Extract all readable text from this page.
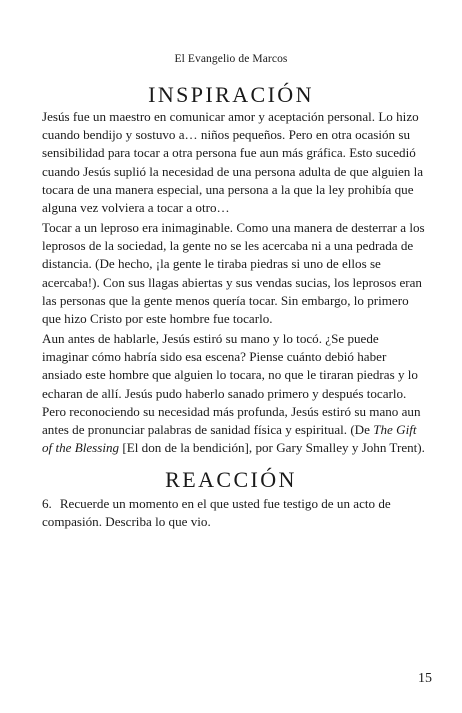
El Evangelio de Marcos
INSPIRACIÓN

Jesús fue un maestro en comunicar amor y aceptación personal. Lo hizo cuando bendijo y sostuvo a… niños pequeños. Pero en otra ocasión su sensibilidad para tocar a otra persona fue aun más gráfica. Esto sucedió cuando Jesús suplió la necesidad de una persona adulta de que alguien la tocara de una manera especial, una persona a la que la ley prohibía que alguna vez volviera a tocar a otro…

Tocar a un leproso era inimaginable. Como una manera de desterrar a los leprosos de la sociedad, la gente no se les acercaba ni a una pedrada de distancia. (De hecho, ¡la gente le tiraba piedras si uno de ellos se acercaba!). Con sus llagas abiertas y sus vendas sucias, los leprosos eran las personas que la gente menos quería tocar. Sin embargo, lo primero que hizo Cristo por este hombre fue tocarlo.

Aun antes de hablarle, Jesús estiró su mano y lo tocó. ¿Se puede imaginar cómo habría sido esa escena? Piense cuánto debió haber ansiado este hombre que alguien lo tocara, no que le tiraran piedras y lo echaran de allí. Jesús pudo haberlo sanado primero y después tocarlo. Pero reconociendo su necesidad más profunda, Jesús estiró su mano aun antes de pronunciar palabras de sanidad física y espiritual. (De The Gift of the Blessing [El don de la bendición], por Gary Smalley y John Trent).

REACCIÓN

6. Recuerde un momento en el que usted fue testigo de un acto de compasión. Describa lo que vio.

15
